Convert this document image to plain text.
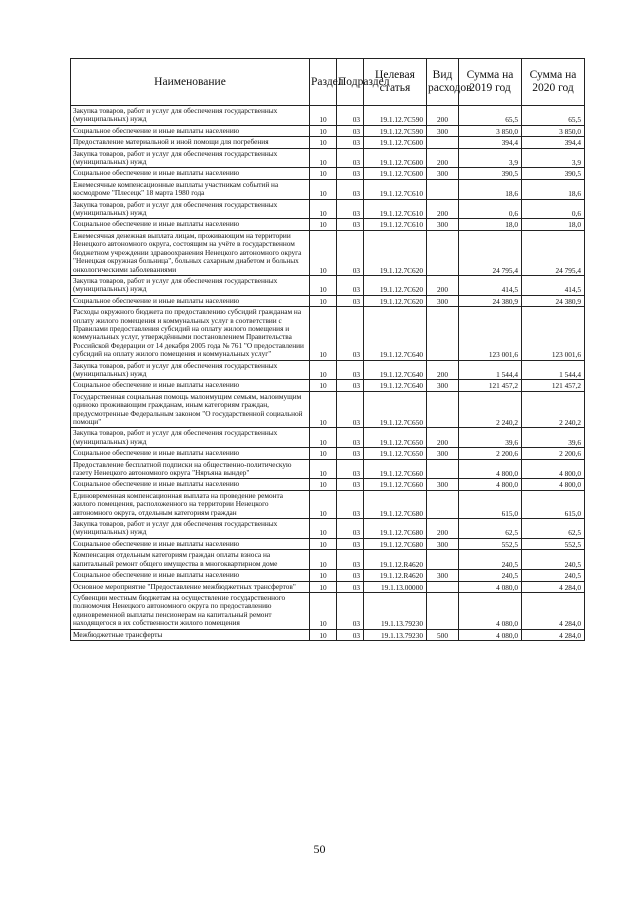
Наименование	Раздел	Подраздел	Целевая статья	Вид расходов	Сумма на 2019 год	Сумма на 2020 год
Закупка товаров, работ и услуг для обеспечения государственных (муниципальных) нужд	10	03	19.1.12.7С590	200	65,5	65,5
Социальное обеспечение и иные выплаты населению	10	03	19.1.12.7С590	300	3 850,0	3 850,0
Предоставление материальной и иной помощи для погребения	10	03	19.1.12.7С600		394,4	394,4
Закупка товаров, работ и услуг для обеспечения государственных (муниципальных) нужд	10	03	19.1.12.7С600	200	3,9	3,9
Социальное обеспечение и иные выплаты населению	10	03	19.1.12.7С600	300	390,5	390,5
Ежемесячные компенсационные выплаты участникам событий на космодроме "Плесецк" 18 марта 1980 года	10	03	19.1.12.7С610		18,6	18,6
Закупка товаров, работ и услуг для обеспечения государственных (муниципальных) нужд	10	03	19.1.12.7С610	200	0,6	0,6
Социальное обеспечение и иные выплаты населению	10	03	19.1.12.7С610	300	18,0	18,0
Ежемесячная денежная выплата лицам, проживающим на территории Ненецкого автономного округа, состоящим на учёте в государственном бюджетном учреждении здравоохранения Ненецкого автономного округа "Ненецкая окружная больница", больных сахарным диабетом и больных онкологическими заболеваниями	10	03	19.1.12.7С620		24 795,4	24 795,4
Закупка товаров, работ и услуг для обеспечения государственных (муниципальных) нужд	10	03	19.1.12.7С620	200	414,5	414,5
Социальное обеспечение и иные выплаты населению	10	03	19.1.12.7С620	300	24 380,9	24 380,9
Расходы окружного бюджета по предоставлению субсидий гражданам на оплату жилого помещения и коммунальных услуг в соответствии с Правилами предоставления субсидий на оплату жилого помещения и коммунальных услуг, утверждёнными постановлением Правительства Российской Федерации от 14 декабря 2005 года № 761 "О предоставлении субсидий на оплату жилого помещения и коммунальных услуг"	10	03	19.1.12.7С640		123 001,6	123 001,6
Закупка товаров, работ и услуг для обеспечения государственных (муниципальных) нужд	10	03	19.1.12.7С640	200	1 544,4	1 544,4
Социальное обеспечение и иные выплаты населению	10	03	19.1.12.7С640	300	121 457,2	121 457,2
Государственная социальная помощь малоимущим семьям, малоимущим одиноко проживающим гражданам, иным категориям граждан, предусмотренные Федеральным законом "О государственной социальной помощи"	10	03	19.1.12.7С650		2 240,2	2 240,2
Закупка товаров, работ и услуг для обеспечения государственных (муниципальных) нужд	10	03	19.1.12.7С650	200	39,6	39,6
Социальное обеспечение и иные выплаты населению	10	03	19.1.12.7С650	300	2 200,6	2 200,6
Предоставление бесплатной подписки на общественно-политическую газету Ненецкого автономного округа "Няръяна вындер"	10	03	19.1.12.7С660		4 800,0	4 800,0
Социальное обеспечение и иные выплаты населению	10	03	19.1.12.7С660	300	4 800,0	4 800,0
Единовременная компенсационная выплата на проведение ремонта жилого помещения, расположенного на территории Ненецкого автономного округа, отдельным категориям граждан	10	03	19.1.12.7С680		615,0	615,0
Закупка товаров, работ и услуг для обеспечения государственных (муниципальных) нужд	10	03	19.1.12.7С680	200	62,5	62,5
Социальное обеспечение и иные выплаты населению	10	03	19.1.12.7С680	300	552,5	552,5
Компенсация отдельным категориям граждан оплаты взноса на капитальный ремонт общего имущества в многоквартирном доме	10	03	19.1.12.R4620		240,5	240,5
Социальное обеспечение и иные выплаты населению	10	03	19.1.12.R4620	300	240,5	240,5
Основное мероприятие "Предоставление межбюджетных трансфертов"	10	03	19.1.13.00000		4 080,0	4 284,0
Субвенции местным бюджетам на осуществление государственного полномочия Ненецкого автономного округа по предоставлению единовременной выплаты пенсионерам на капитальный ремонт находящегося в их собственности жилого помещения	10	03	19.1.13.79230		4 080,0	4 284,0
Межбюджетные трансферты	10	03	19.1.13.79230	500	4 080,0	4 284,0
50
